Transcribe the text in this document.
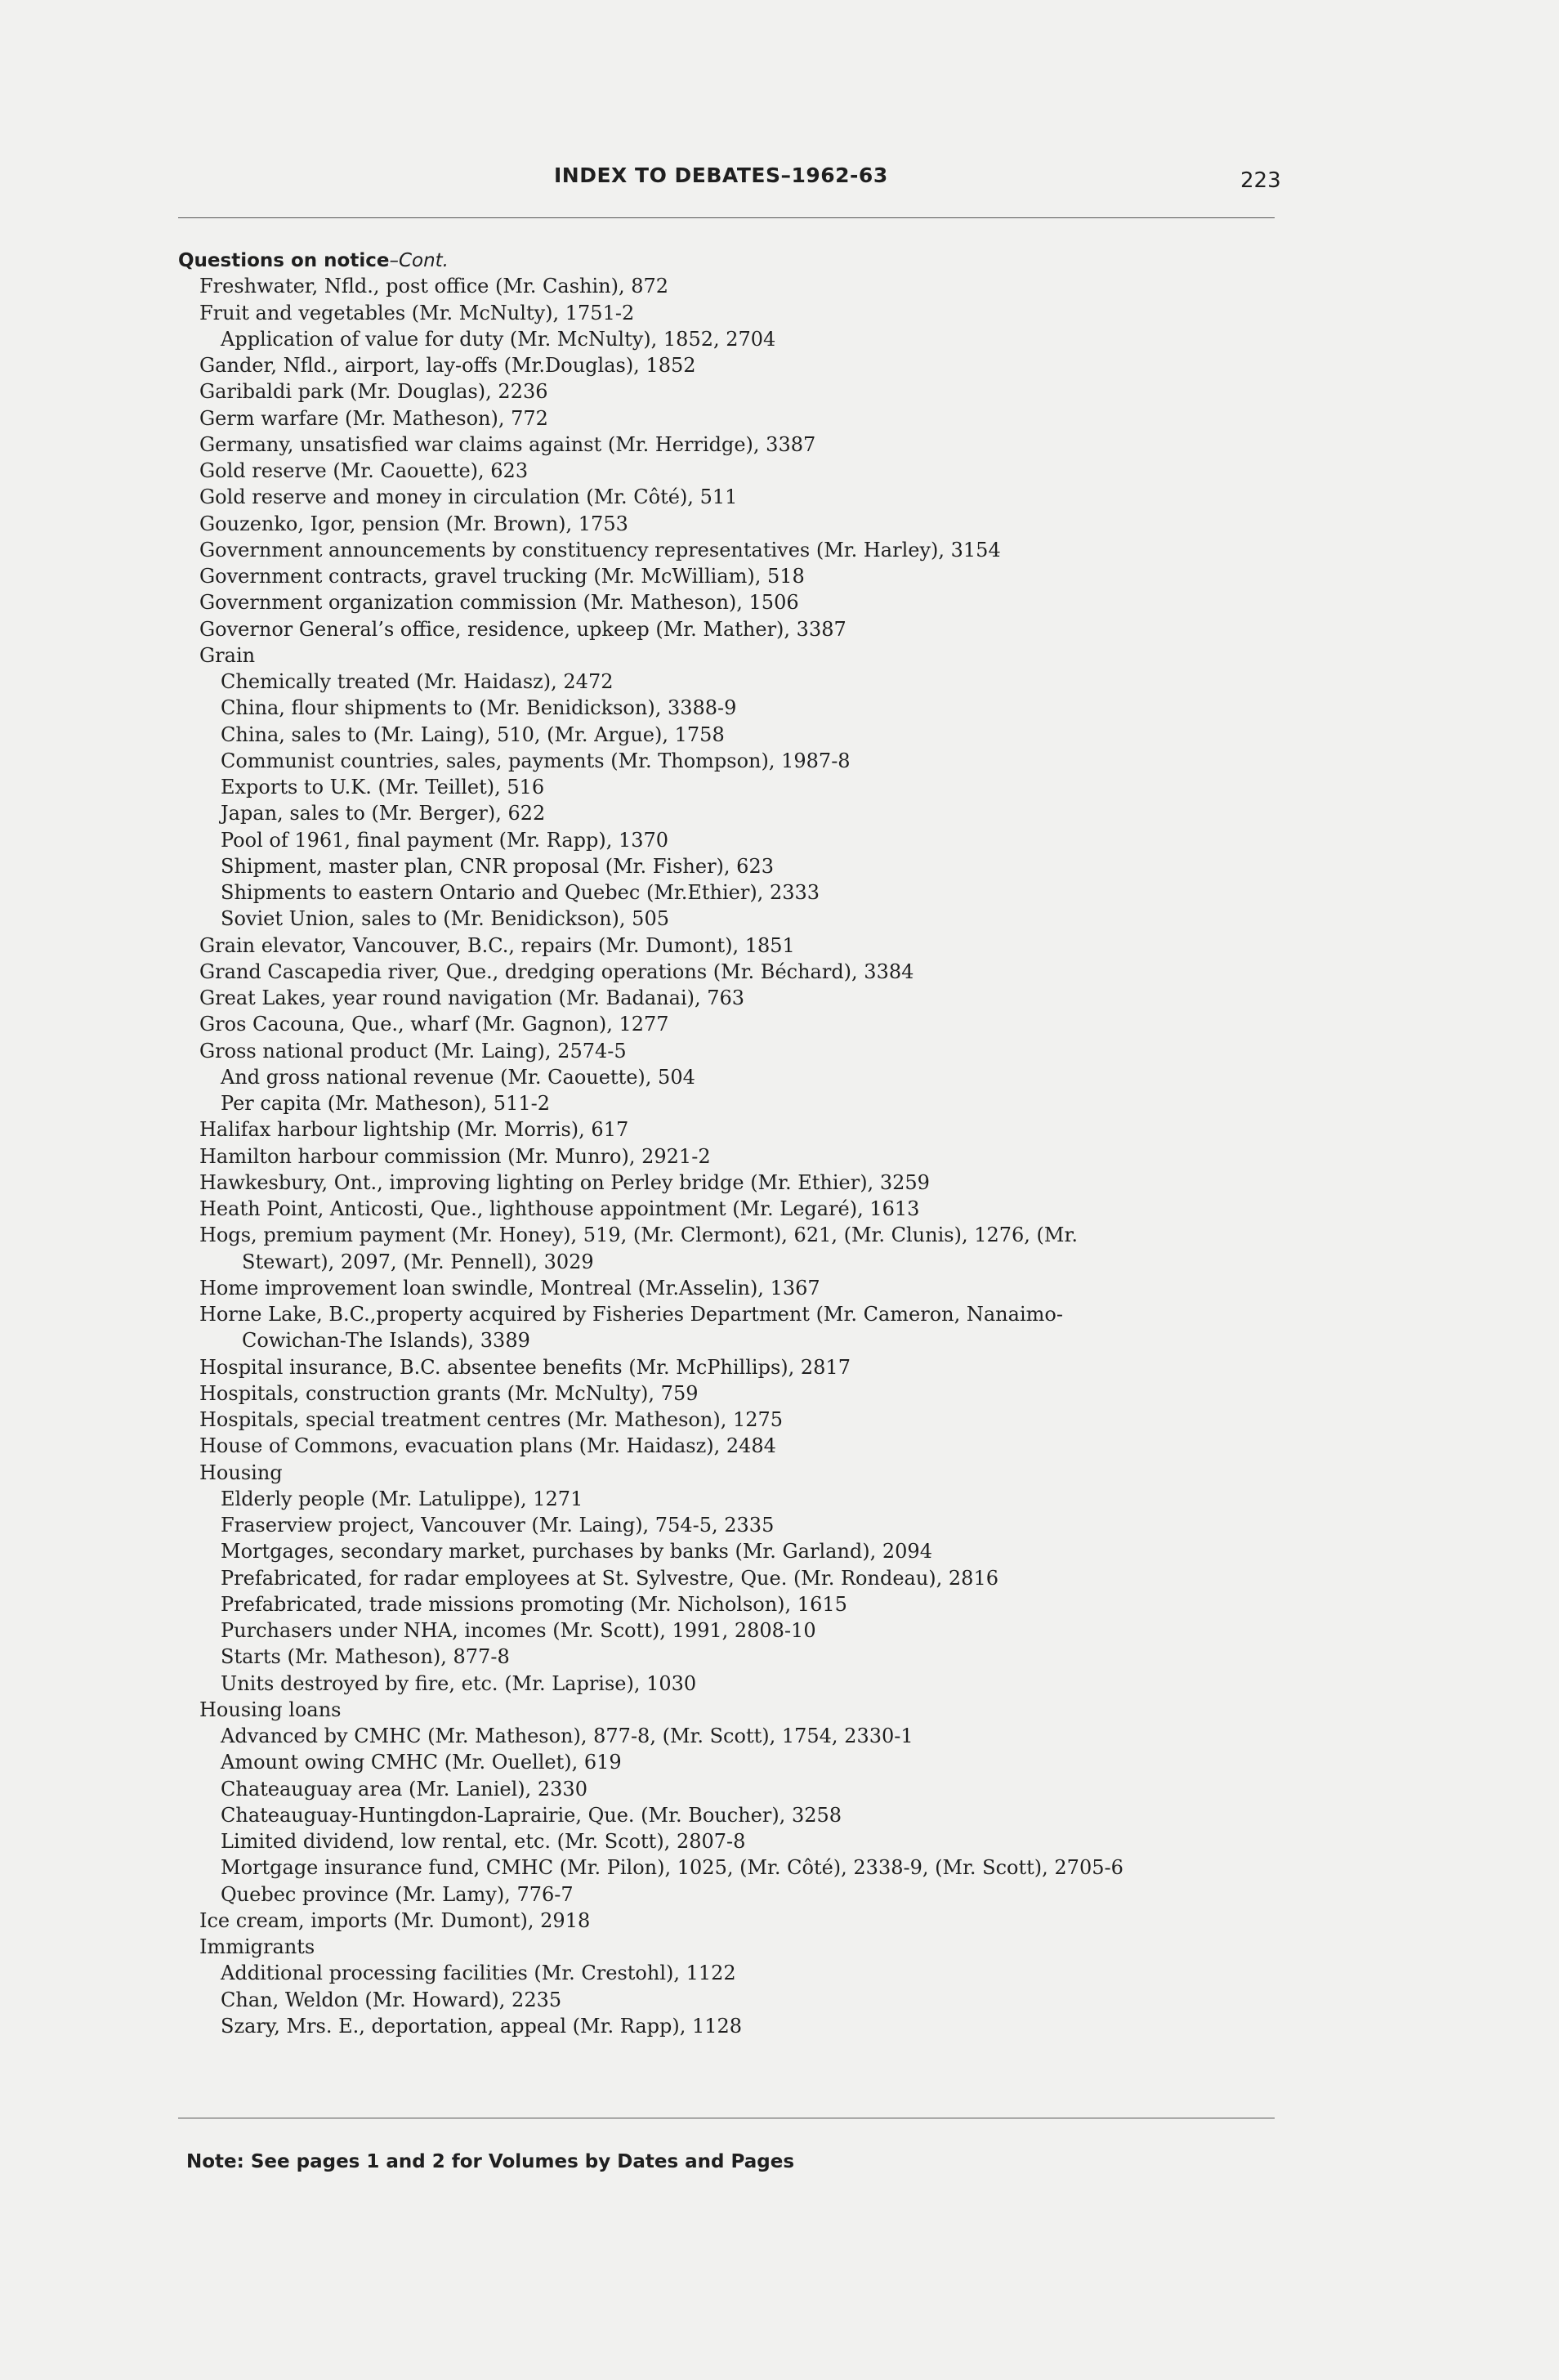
INDEX TO DEBATES–1962-63	223
Questions on notice–Cont.
Freshwater, Nfld., post office (Mr. Cashin), 872
Fruit and vegetables (Mr. McNulty), 1751-2
Application of value for duty (Mr. McNulty), 1852, 2704
Gander, Nfld., airport, lay-offs (Mr.Douglas), 1852
Garibaldi park (Mr. Douglas), 2236
Germ warfare (Mr. Matheson), 772
Germany, unsatisfied war claims against (Mr. Herridge), 3387
Gold reserve (Mr. Caouette), 623
Gold reserve and money in circulation (Mr. Côté), 511
Gouzenko, Igor, pension (Mr. Brown), 1753
Government announcements by constituency representatives (Mr. Harley), 3154
Government contracts, gravel trucking (Mr. McWilliam), 518
Government organization commission (Mr. Matheson), 1506
Governor General’s office, residence, upkeep (Mr. Mather), 3387
Grain
Chemically treated (Mr. Haidasz), 2472
China, flour shipments to (Mr. Benidickson), 3388-9
China, sales to (Mr. Laing), 510, (Mr. Argue), 1758
Communist countries, sales, payments (Mr. Thompson), 1987-8
Exports to U.K. (Mr. Teillet), 516
Japan, sales to (Mr. Berger), 622
Pool of 1961, final payment (Mr. Rapp), 1370
Shipment, master plan, CNR proposal (Mr. Fisher), 623
Shipments to eastern Ontario and Quebec (Mr.Ethier), 2333
Soviet Union, sales to (Mr. Benidickson), 505
Grain elevator, Vancouver, B.C., repairs (Mr. Dumont), 1851
Grand Cascapedia river, Que., dredging operations (Mr. Béchard), 3384
Great Lakes, year round navigation (Mr. Badanai), 763
Gros Cacouna, Que., wharf (Mr. Gagnon), 1277
Gross national product (Mr. Laing), 2574-5
And gross national revenue (Mr. Caouette), 504
Per capita (Mr. Matheson), 511-2
Halifax harbour lightship (Mr. Morris), 617
Hamilton harbour commission (Mr. Munro), 2921-2
Hawkesbury, Ont., improving lighting on Perley bridge (Mr. Ethier), 3259
Heath Point, Anticosti, Que., lighthouse appointment (Mr. Legaré), 1613
Hogs, premium payment (Mr. Honey), 519, (Mr. Clermont), 621, (Mr. Clunis), 1276, (Mr.
Stewart), 2097, (Mr. Pennell), 3029
Home improvement loan swindle, Montreal (Mr.Asselin), 1367
Horne Lake, B.C.,property acquired by Fisheries Department (Mr. Cameron, Nanaimo-
Cowichan-The Islands), 3389
Hospital insurance, B.C. absentee benefits (Mr. McPhillips), 2817
Hospitals, construction grants (Mr. McNulty), 759
Hospitals, special treatment centres (Mr. Matheson), 1275
House of Commons, evacuation plans (Mr. Haidasz), 2484
Housing
Elderly people (Mr. Latulippe), 1271
Fraserview project, Vancouver (Mr. Laing), 754-5, 2335
Mortgages, secondary market, purchases by banks (Mr. Garland), 2094
Prefabricated, for radar employees at St. Sylvestre, Que. (Mr. Rondeau), 2816
Prefabricated, trade missions promoting (Mr. Nicholson), 1615
Purchasers under NHA, incomes (Mr. Scott), 1991, 2808-10
Starts (Mr. Matheson), 877-8
Units destroyed by fire, etc. (Mr. Laprise), 1030
Housing loans
Advanced by CMHC (Mr. Matheson), 877-8, (Mr. Scott), 1754, 2330-1
Amount owing CMHC (Mr. Ouellet), 619
Chateauguay area (Mr. Laniel), 2330
Chateauguay-Huntingdon-Laprairie, Que. (Mr. Boucher), 3258
Limited dividend, low rental, etc. (Mr. Scott), 2807-8
Mortgage insurance fund, CMHC (Mr. Pilon), 1025, (Mr. Côté), 2338-9, (Mr. Scott), 2705-6
Quebec province (Mr. Lamy), 776-7
Ice cream, imports (Mr. Dumont), 2918
Immigrants
Additional processing facilities (Mr. Crestohl), 1122
Chan, Weldon (Mr. Howard), 2235
Szary, Mrs. E., deportation, appeal (Mr. Rapp), 1128
Note: See pages 1 and 2 for Volumes by Dates and Pages
